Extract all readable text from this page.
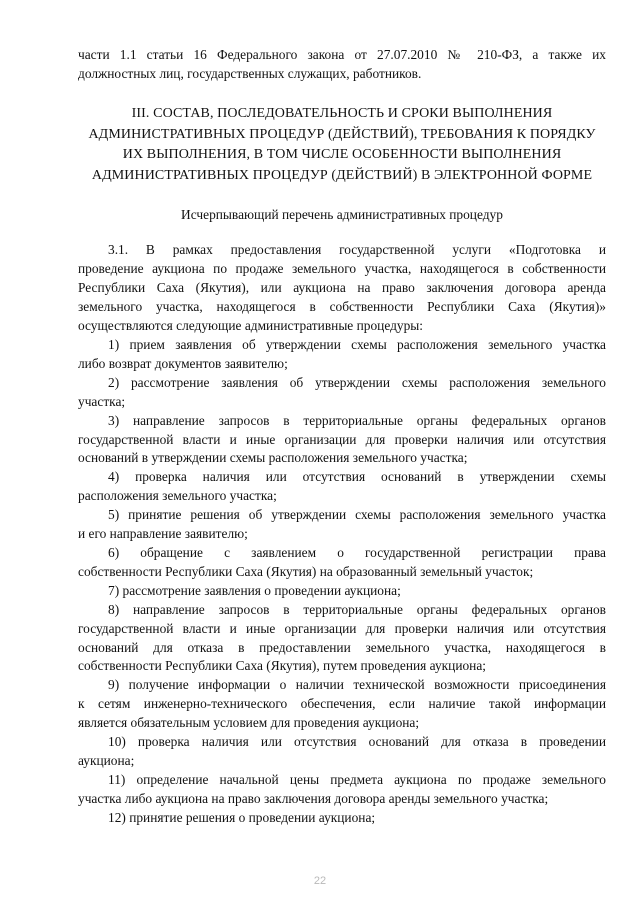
части 1.1 статьи 16 Федерального закона от 27.07.2010 № 210-ФЗ, а также их
должностных лиц, государственных служащих, работников.
III. СОСТАВ, ПОСЛЕДОВАТЕЛЬНОСТЬ И СРОКИ ВЫПОЛНЕНИЯ
АДМИНИСТРАТИВНЫХ ПРОЦЕДУР (ДЕЙСТВИЙ), ТРЕБОВАНИЯ К ПОРЯДКУ
ИХ ВЫПОЛНЕНИЯ, В ТОМ ЧИСЛЕ ОСОБЕННОСТИ ВЫПОЛНЕНИЯ
АДМИНИСТРАТИВНЫХ ПРОЦЕДУР (ДЕЙСТВИЙ) В ЭЛЕКТРОННОЙ ФОРМЕ
Исчерпывающий перечень административных процедур
3.1. В рамках предоставления государственной услуги «Подготовка и
проведение аукциона по продаже земельного участка, находящегося в собственности
Республики Саха (Якутия), или аукциона на право заключения договора аренда
земельного участка, находящегося в собственности Республики Саха (Якутия)»
осуществляются следующие административные процедуры:
1) прием заявления об утверждении схемы расположения земельного участка
либо возврат документов заявителю;
2) рассмотрение заявления об утверждении схемы расположения земельного
участка;
3) направление запросов в территориальные органы федеральных органов
государственной власти и иные организации для проверки наличия или отсутствия
оснований в утверждении схемы расположения земельного участка;
4) проверка наличия или отсутствия оснований в утверждении схемы
расположения земельного участка;
5) принятие решения об утверждении схемы расположения земельного участка
и его направление заявителю;
6) обращение с заявлением о государственной регистрации права
собственности Республики Саха (Якутия) на образованный земельный участок;
7) рассмотрение заявления о проведении аукциона;
8) направление запросов в территориальные органы федеральных органов
государственной власти и иные организации для проверки наличия или отсутствия
оснований для отказа в предоставлении земельного участка, находящегося в
собственности Республики Саха (Якутия), путем проведения аукциона;
9) получение информации о наличии технической возможности присоединения
к сетям инженерно-технического обеспечения, если наличие такой информации
является обязательным условием для проведения аукциона;
10) проверка наличия или отсутствия оснований для отказа в проведении
аукциона;
11) определение начальной цены предмета аукциона по продаже земельного
участка либо аукциона на право заключения договора аренды земельного участка;
12) принятие решения о проведении аукциона;
22
